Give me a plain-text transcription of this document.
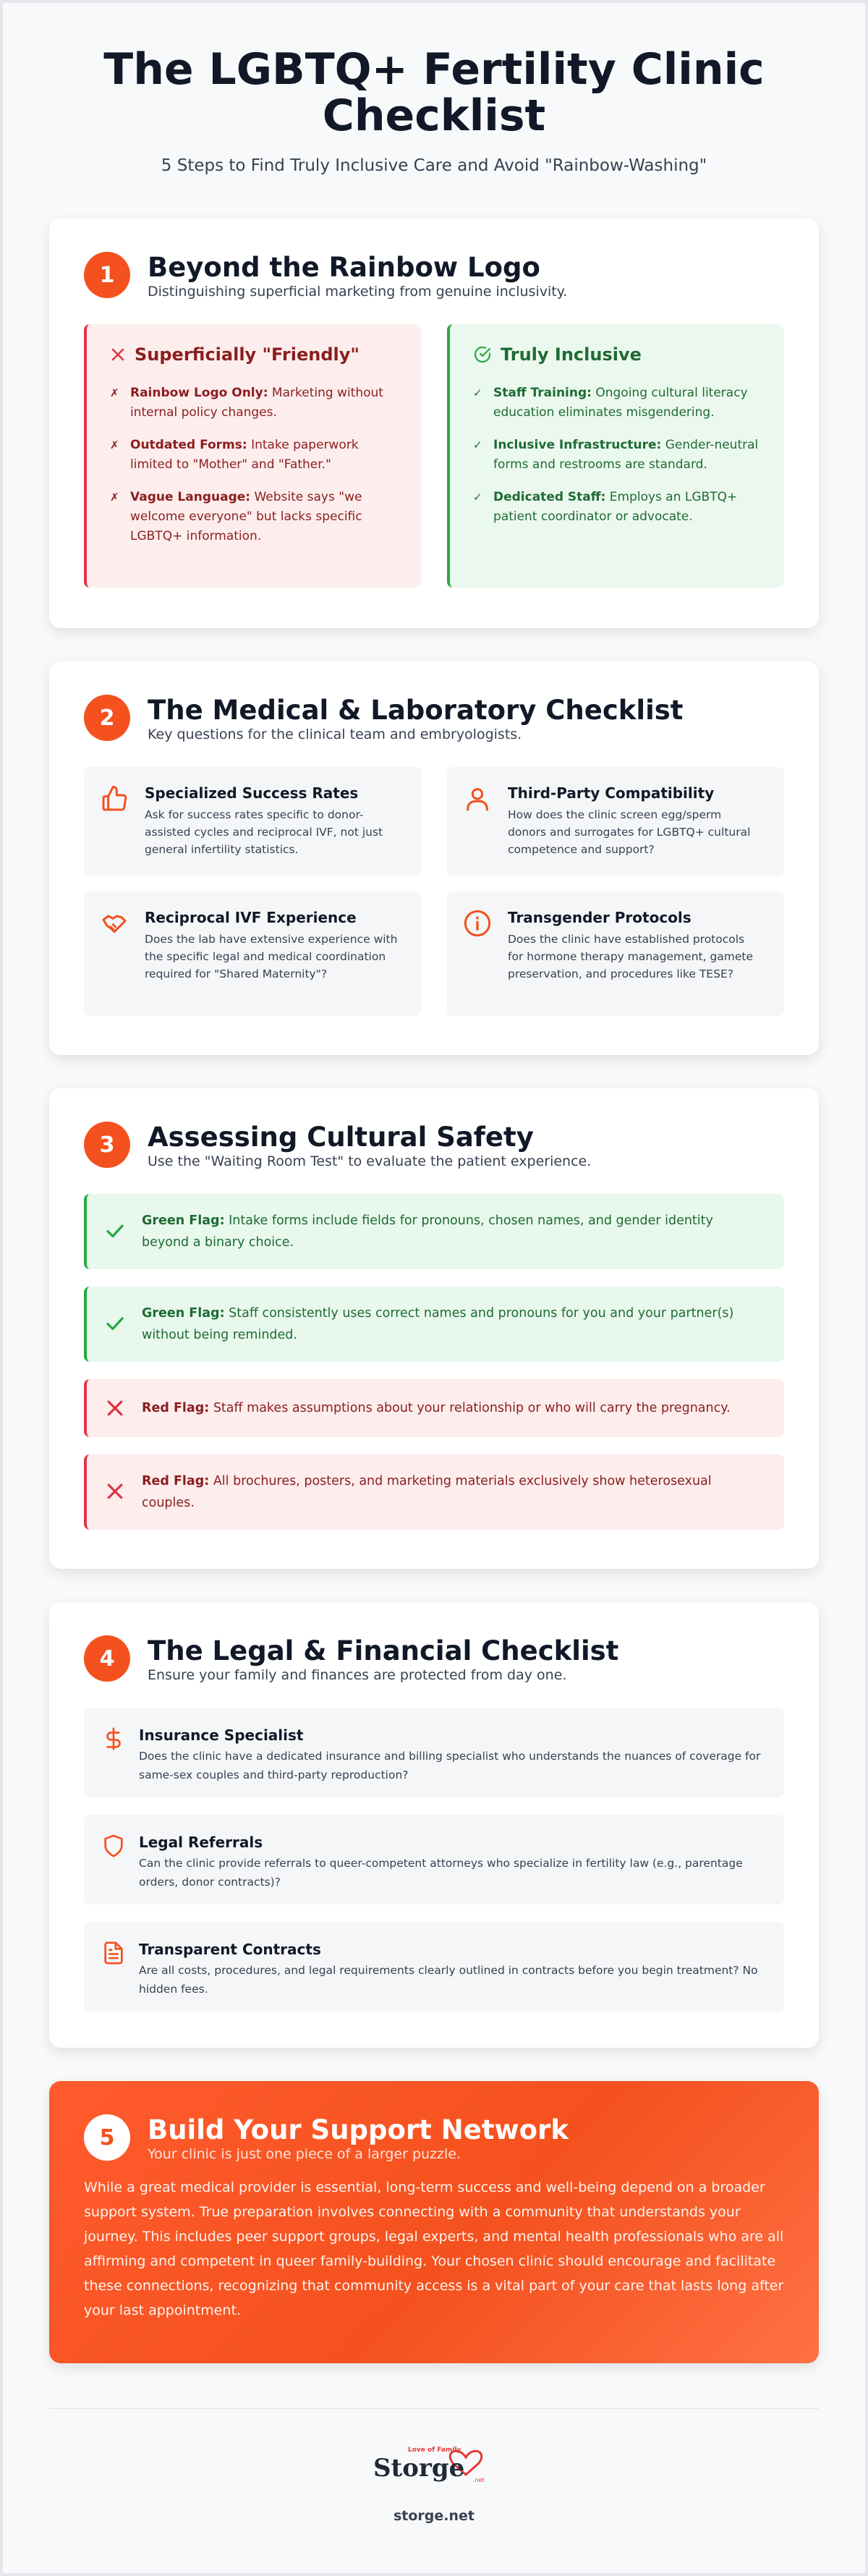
The LGBTQ+ Fertility Clinic Checklist
5 Steps to Find Truly Inclusive Care and Avoid "Rainbow-Washing"
1	Beyond the Rainbow Logo
Distinguishing superficial marketing from genuine inclusivity.
Superficially "Friendly"
✗ Rainbow Logo Only: Marketing without internal policy changes.
✗ Outdated Forms: Intake paperwork limited to "Mother" and "Father."
✗ Vague Language: Website says "we welcome everyone" but lacks specific LGBTQ+ information.
Truly Inclusive
✓ Staff Training: Ongoing cultural literacy education eliminates misgendering.
✓ Inclusive Infrastructure: Gender-neutral forms and restrooms are standard.
✓ Dedicated Staff: Employs an LGBTQ+ patient coordinator or advocate.
2	The Medical & Laboratory Checklist
Key questions for the clinical team and embryologists.
Specialized Success Rates
Ask for success rates specific to donor-assisted cycles and reciprocal IVF, not just general infertility statistics.
Third-Party Compatibility
How does the clinic screen egg/sperm donors and surrogates for LGBTQ+ cultural competence and support?
Reciprocal IVF Experience
Does the lab have extensive experience with the specific legal and medical coordination required for "Shared Maternity"?
Transgender Protocols
Does the clinic have established protocols for hormone therapy management, gamete preservation, and procedures like TESE?
3	Assessing Cultural Safety
Use the "Waiting Room Test" to evaluate the patient experience.
Green Flag: Intake forms include fields for pronouns, chosen names, and gender identity beyond a binary choice.
Green Flag: Staff consistently uses correct names and pronouns for you and your partner(s) without being reminded.
Red Flag: Staff makes assumptions about your relationship or who will carry the pregnancy.
Red Flag: All brochures, posters, and marketing materials exclusively show heterosexual couples.
4	The Legal & Financial Checklist
Ensure your family and finances are protected from day one.
Insurance Specialist
Does the clinic have a dedicated insurance and billing specialist who understands the nuances of coverage for same-sex couples and third-party reproduction?
Legal Referrals
Can the clinic provide referrals to queer-competent attorneys who specialize in fertility law (e.g., parentage orders, donor contracts)?
Transparent Contracts
Are all costs, procedures, and legal requirements clearly outlined in contracts before you begin treatment? No hidden fees.
5	Build Your Support Network
Your clinic is just one piece of a larger puzzle.
While a great medical provider is essential, long-term success and well-being depend on a broader support system. True preparation involves connecting with a community that understands your journey. This includes peer support groups, legal experts, and mental health professionals who are all affirming and competent in queer family-building. Your chosen clinic should encourage and facilitate these connections, recognizing that community access is a vital part of your care that lasts long after your last appointment.
Love of Family
Storge .net
storge.net
